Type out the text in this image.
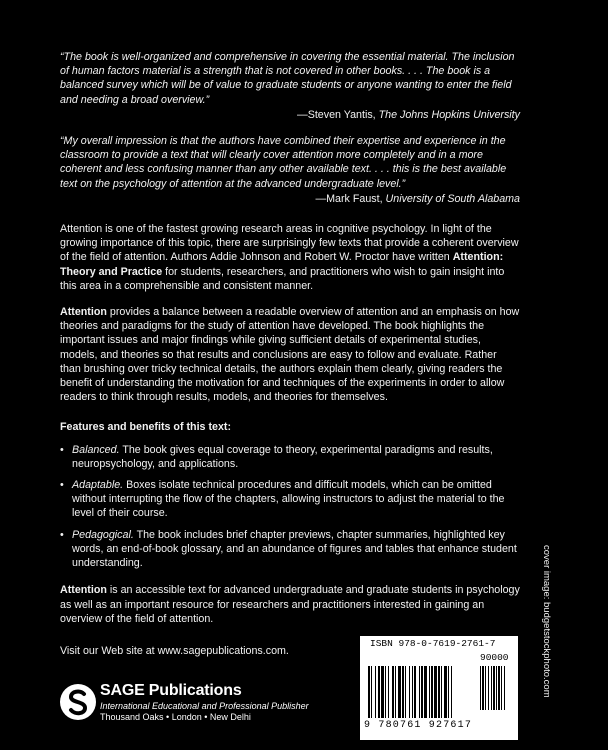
“The book is well-organized and comprehensive in covering the essential material. The inclusion of human factors material is a strength that is not covered in other books. . . . The book is a balanced survey which will be of value to graduate students or anyone wanting to enter the field and needing a broad overview.”

—Steven Yantis, The Johns Hopkins University

“My overall impression is that the authors have combined their expertise and experience in the classroom to provide a text that will clearly cover attention more completely and in a more coherent and less confusing manner than any other available text. . . . this is the best available text on the psychology of attention at the advanced undergraduate level.”

—Mark Faust, University of South Alabama

Attention is one of the fastest growing research areas in cognitive psychology. In light of the growing importance of this topic, there are surprisingly few texts that provide a coherent overview of the field of attention. Authors Addie Johnson and Robert W. Proctor have written Attention: Theory and Practice for students, researchers, and practitioners who wish to gain insight into this area in a comprehensible and consistent manner.

Attention provides a balance between a readable overview of attention and an emphasis on how theories and paradigms for the study of attention have developed. The book highlights the important issues and major findings while giving sufficient details of experimental studies, models, and theories so that results and conclusions are easy to follow and evaluate. Rather than brushing over tricky technical details, the authors explain them clearly, giving readers the benefit of understanding the motivation for and techniques of the experiments in order to allow readers to think through results, models, and theories for themselves.

Features and benefits of this text:

• Balanced. The book gives equal coverage to theory, experimental paradigms and results, neuropsychology, and applications.
• Adaptable. Boxes isolate technical procedures and difficult models, which can be omitted without interrupting the flow of the chapters, allowing instructors to adjust the material to the level of their course.
• Pedagogical. The book includes brief chapter previews, chapter summaries, highlighted key words, an end-of-book glossary, and an abundance of figures and tables that enhance student understanding.

Attention is an accessible text for advanced undergraduate and graduate students in psychology as well as an important resource for researchers and practitioners interested in gaining an overview of the field of attention.

Visit our Web site at www.sagepublications.com.

SAGE Publications
International Educational and Professional Publisher
Thousand Oaks • London • New Delhi
ISBN 978-0-7619-2761-7
90000
9 780761 927617
cover image: budgetstockphoto.com
